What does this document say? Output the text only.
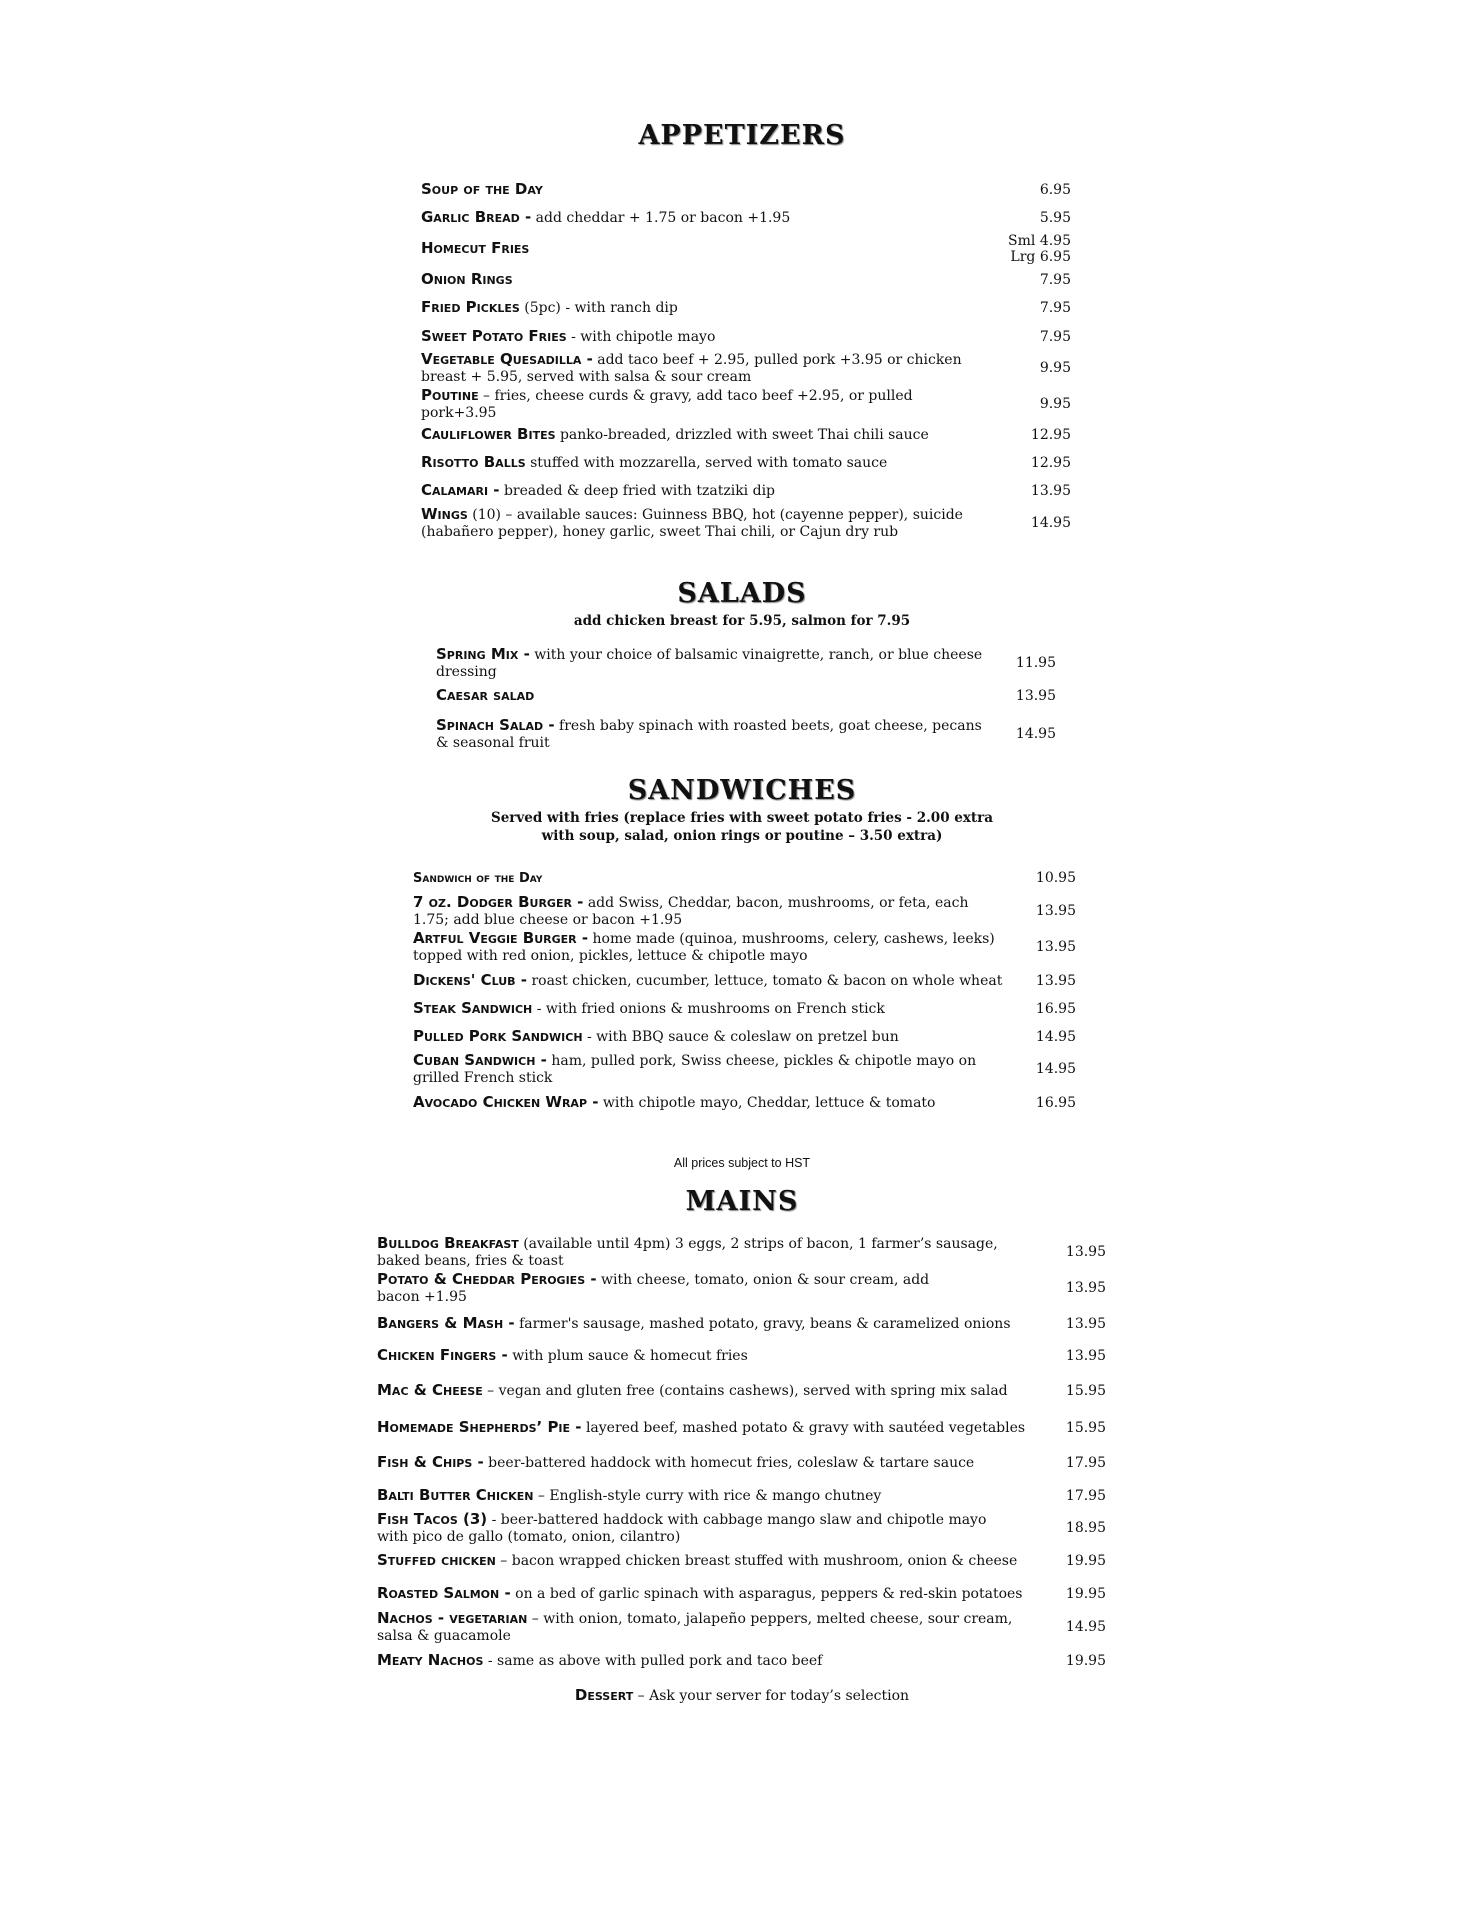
APPETIZERS
Soup of the Day	6.95
Garlic Bread - add cheddar + 1.75 or bacon +1.95	5.95
Homecut Fries	Sml 4.95
Lrg 6.95
Onion Rings	7.95
Fried Pickles (5pc) - with ranch dip	7.95
Sweet Potato Fries - with chipotle mayo	7.95
Vegetable Quesadilla - add taco beef + 2.95, pulled pork +3.95 or chicken breast + 5.95, served with salsa & sour cream
9.95
Poutine – fries, cheese curds & gravy, add taco beef +2.95, or pulled pork+3.95
9.95
Cauliflower Bites panko-breaded, drizzled with sweet Thai chili sauce	12.95
Risotto Balls stuffed with mozzarella, served with tomato sauce	12.95
Calamari - breaded & deep fried with tzatziki dip	13.95
Wings (10) – available sauces: Guinness BBQ, hot (cayenne pepper), suicide (habañero pepper), honey garlic, sweet Thai chili, or Cajun dry rub
14.95
SALADS
add chicken breast for 5.95, salmon for 7.95
Spring Mix - with your choice of balsamic vinaigrette, ranch, or blue cheese dressing
11.95
Caesar salad	13.95
Spinach Salad - fresh baby spinach with roasted beets, goat cheese, pecans & seasonal fruit
14.95
SANDWICHES
Served with fries (replace fries with sweet potato fries - 2.00 extra
with soup, salad, onion rings or poutine – 3.50 extra)
Sandwich of the Day	10.95
7 oz. Dodger Burger - add Swiss, Cheddar, bacon, mushrooms, or feta, each 1.75; add blue cheese or bacon +1.95
13.95
Artful Veggie Burger - home made (quinoa, mushrooms, celery, cashews, leeks) topped with red onion, pickles, lettuce & chipotle mayo
13.95
Dickens' Club - roast chicken, cucumber, lettuce, tomato & bacon on whole wheat	13.95
Steak Sandwich - with fried onions & mushrooms on French stick	16.95
Pulled Pork Sandwich - with BBQ sauce & coleslaw on pretzel bun	14.95
Cuban Sandwich - ham, pulled pork, Swiss cheese, pickles & chipotle mayo on grilled French stick
14.95
Avocado Chicken Wrap - with chipotle mayo, Cheddar, lettuce & tomato	16.95
All prices subject to HST
MAINS
Bulldog Breakfast (available until 4pm) 3 eggs, 2 strips of bacon, 1 farmer’s sausage, baked beans, fries & toast
13.95
Potato & Cheddar Perogies - with cheese, tomato, onion & sour cream, add bacon +1.95
13.95
Bangers & Mash - farmer's sausage, mashed potato, gravy, beans & caramelized onions	13.95
Chicken Fingers - with plum sauce & homecut fries	13.95
Mac & Cheese – vegan and gluten free (contains cashews), served with spring mix salad	15.95
Homemade Shepherds’ Pie - layered beef, mashed potato & gravy with sautéed vegetables	15.95
Fish & Chips - beer-battered haddock with homecut fries, coleslaw & tartare sauce	17.95
Balti Butter Chicken – English-style curry with rice & mango chutney	17.95
Fish Tacos (3) - beer-battered haddock with cabbage mango slaw and chipotle mayo with pico de gallo (tomato, onion, cilantro)
18.95
Stuffed chicken – bacon wrapped chicken breast stuffed with mushroom, onion & cheese	19.95
Roasted Salmon - on a bed of garlic spinach with asparagus, peppers & red-skin potatoes	19.95
Nachos - vegetarian – with onion, tomato, jalapeño peppers, melted cheese, sour cream, salsa & guacamole
14.95
Meaty Nachos - same as above with pulled pork and taco beef	19.95
Dessert – Ask your server for today’s selection
